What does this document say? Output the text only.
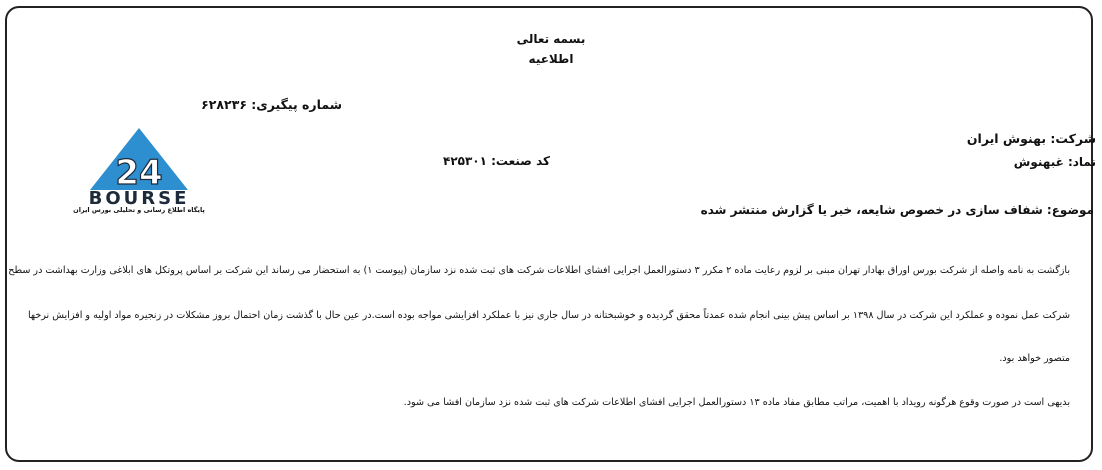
بسمه تعالی
اطلاعیه
شماره پیگیری: ۶۲۸۲۳۶
شرکت: بهنوش ایران
نماد: غبهنوش
کد صنعت: ۴۲۵۳۰۱
موضوع: شفاف سازی در خصوص شایعه، خبر یا گزارش منتشر شده
بازگشت به نامه واصله از شرکت بورس اوراق بهادار تهران مبنی بر لزوم رعایت ماده ۲ مکرر ۳ دستورالعمل اجرایی افشای اطلاعات شرکت های ثبت شده نزد سازمان (پیوست ۱) به استحضار می رساند این شرکت بر اساس پروتکل های ابلاغی وزارت بهداشت در سطح
شرکت عمل نموده و عملکرد این شرکت در سال ۱۳۹۸ بر اساس پیش بینی انجام شده عمدتاً محقق گردیده و خوشبختانه در سال جاری نیز با عملکرد افزایشی مواجه بوده است.در عین حال با گذشت زمان احتمال بروز مشکلات در زنجیره مواد اولیه و افزایش نرخها
متصور خواهد بود.
بدیهی است در صورت وقوع هرگونه رویداد با اهمیت، مراتب مطابق مفاد ماده ۱۳ دستورالعمل اجرایی افشای اطلاعات شرکت های ثبت شده نزد سازمان افشا می شود.
24
BOURSE
پایگاه اطلاع رسانی و تحلیلی بورس ایران
